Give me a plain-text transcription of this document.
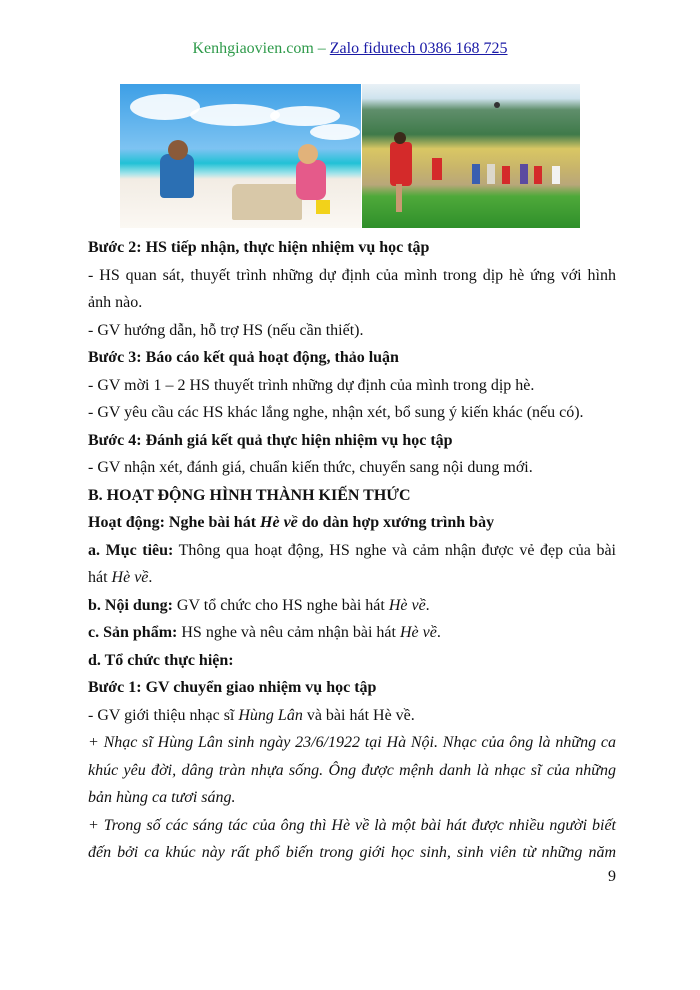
Kenhgiaovien.com – Zalo fidutech 0386 168 725
Bước 2: HS tiếp nhận, thực hiện nhiệm vụ học tập
- HS quan sát, thuyết trình những dự định của mình trong dịp hè ứng với hình
ảnh nào.
- GV hướng dẫn, hỗ trợ HS (nếu cần thiết).
Bước 3: Báo cáo kết quả hoạt động, thảo luận
- GV mời 1 – 2 HS thuyết trình những dự định của mình trong dịp hè.
- GV yêu cầu các HS khác lắng nghe, nhận xét, bổ sung ý kiến khác (nếu có).
Bước 4: Đánh giá kết quả thực hiện nhiệm vụ học tập
- GV nhận xét, đánh giá, chuẩn kiến thức, chuyển sang nội dung mới.
B. HOẠT ĐỘNG HÌNH THÀNH KIẾN THỨC
Hoạt động: Nghe bài hát Hè về do dàn hợp xướng trình bày
a. Mục tiêu: Thông qua hoạt động, HS nghe và cảm nhận được vẻ đẹp của bài
hát Hè về.
b. Nội dung: GV tổ chức cho HS nghe bài hát Hè về.
c. Sản phẩm: HS nghe và nêu cảm nhận bài hát Hè về.
d. Tổ chức thực hiện:
Bước 1: GV chuyển giao nhiệm vụ học tập
- GV giới thiệu nhạc sĩ Hùng Lân và bài hát Hè về.
+ Nhạc sĩ Hùng Lân sinh ngày 23/6/1922 tại Hà Nội. Nhạc của ông là những ca
khúc yêu đời, dâng tràn nhựa sống. Ông được mệnh danh là nhạc sĩ của những
bản hùng ca tươi sáng.
+ Trong số các sáng tác của ông thì Hè về là một bài hát được nhiều người biết
đến bởi ca khúc này rất phổ biến trong giới học sinh, sinh viên từ những năm
9
